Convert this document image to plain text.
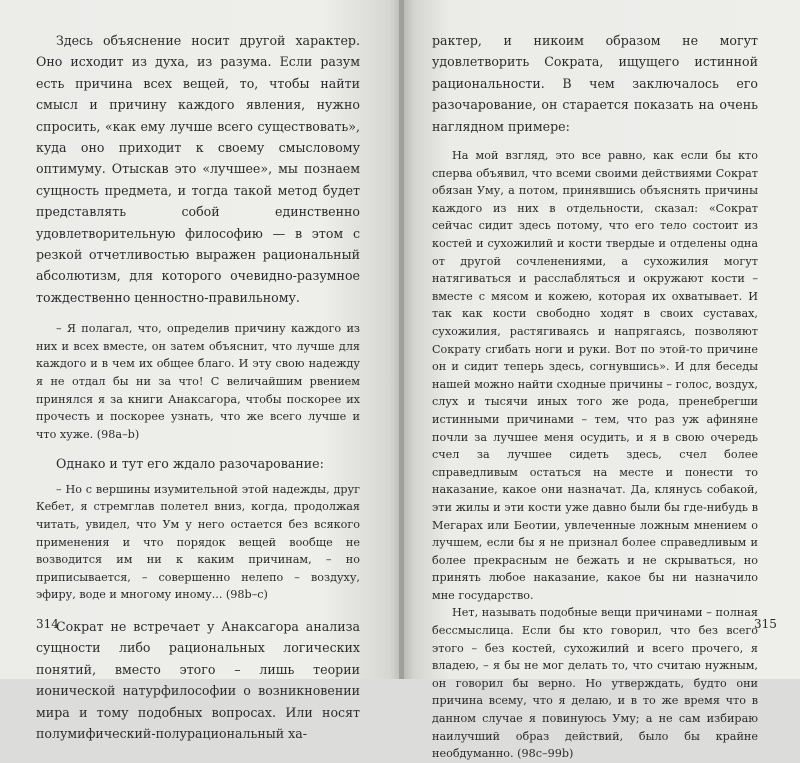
Здесь объяснение носит другой характер. Оно исходит из духа, из разума. Если разум есть причина всех вещей, то, чтобы найти смысл и причину каждого явления, нужно спросить, «как ему лучше всего существовать», куда оно приходит к своему смысловому оптимуму. Отыскав это «лучшее», мы познаем сущность предмета, и тогда такой метод будет представлять собой единственно удовлетворительную философию — в этом с резкой отчетливостью выражен рациональный абсолютизм, для которого очевидно-разумное тождественно ценностно-правильному.

– Я полагал, что, определив причину каждого из них и всех вместе, он затем объяснит, что лучше для каждого и в чем их общее благо. И эту свою надежду я не отдал бы ни за что! С величайшим рвением принялся я за книги Анаксагора, чтобы поскорее их прочесть и поскорее узнать, что же всего лучше и что хуже. (98a–b)

Однако и тут его ждало разочарование:

– Но с вершины изумительной этой надежды, друг Кебет, я стремглав полетел вниз, когда, продолжая читать, увидел, что Ум у него остается без всякого применения и что порядок вещей вообще не возводится им ни к каким причинам, – но приписывается, – совершенно нелепо – воздуху, эфиру, воде и многому иному... (98b–c)

Сократ не встречает у Анаксагора анализа сущности либо рациональных логических понятий, вместо этого – лишь теории ионической натурфилософии о возникновении мира и тому подобных вопросах. Или носят полумифический-полурациональный ха-

314

рактер, и никоим образом не могут удовлетворить Сократа, ищущего истинной рациональности. В чем заключалось его разочарование, он старается показать на очень наглядном примере:

На мой взгляд, это все равно, как если бы кто сперва объявил, что всеми своими действиями Сократ обязан Уму, а потом, принявшись объяснять причины каждого из них в отдельности, сказал: «Сократ сейчас сидит здесь потому, что его тело состоит из костей и сухожилий и кости твердые и отделены одна от другой сочленениями, а сухожилия могут натягиваться и расслабляться и окружают кости – вместе с мясом и кожею, которая их охватывает. И так как кости свободно ходят в своих суставах, сухожилия, растягиваясь и напрягаясь, позволяют Сократу сгибать ноги и руки. Вот по этой-то причине он и сидит теперь здесь, согнувшись». И для беседы нашей можно найти сходные причины – голос, воздух, слух и тысячи иных того же рода, пренебрегши истинными причинами – тем, что раз уж афиняне почли за лучшее меня осудить, и я в свою очередь счел за лучшее сидеть здесь, счел более справедливым остаться на месте и понести то наказание, какое они назначат. Да, клянусь собакой, эти жилы и эти кости уже давно были бы где-нибудь в Мегарах или Беотии, увлеченные ложным мнением о лучшем, если бы я не признал более справедливым и более прекрасным не бежать и не скрываться, но принять любое наказание, какое бы ни назначило мне государство.

Нет, называть подобные вещи причинами – полная бессмыслица. Если бы кто говорил, что без всего этого – без костей, сухожилий и всего прочего, я владею, – я бы не мог делать то, что считаю нужным, он говорил бы верно. Но утверждать, будто они причина всему, что я делаю, и в то же время что в данном случае я повинуюсь Уму; а не сам избираю наилучший образ действий, было бы крайне необдуманно. (98c–99b)

315
